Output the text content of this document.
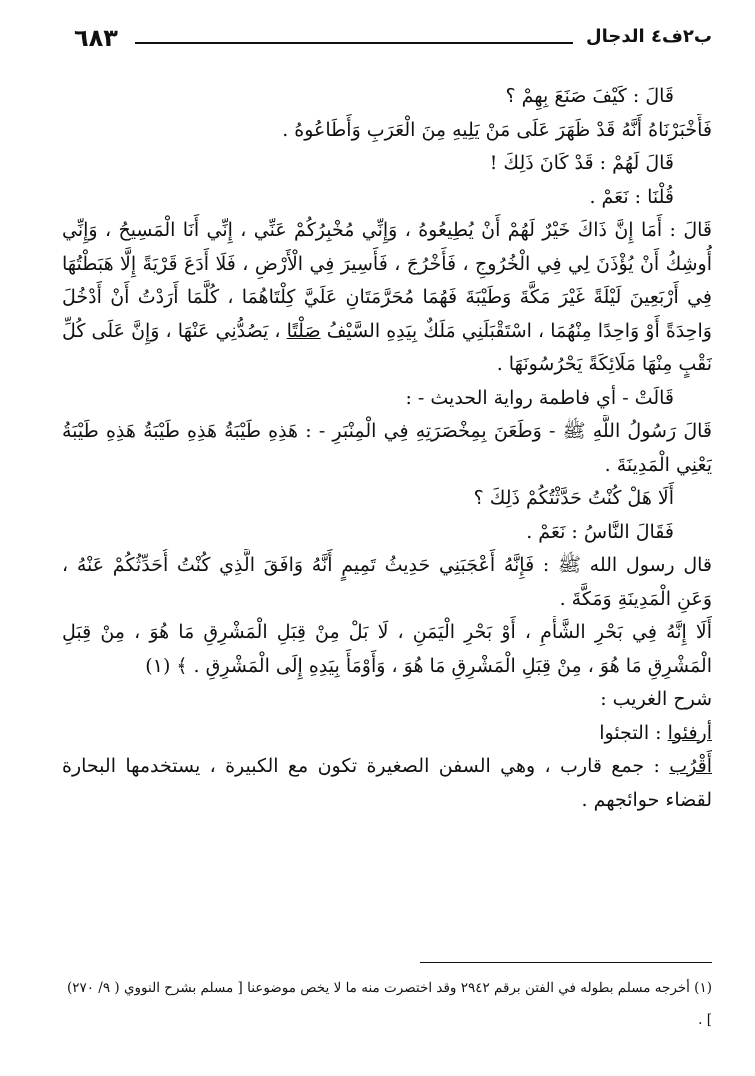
٦٨٣	ب٢ف٤ الدجال
قَالَ : كَيْفَ صَنَعَ بِهِمْ ؟
فَأَخْبَرْنَاهُ أَنَّهُ قَدْ ظَهَرَ عَلَى مَنْ يَلِيهِ مِنَ الْعَرَبِ وَأَطَاعُوهُ .
قَالَ لَهُمْ : قَدْ كَانَ ذَلِكَ !
قُلْنَا : نَعَمْ .
قَالَ : أَمَا إِنَّ ذَاكَ خَيْرٌ لَهُمْ أَنْ يُطِيعُوهُ ، وَإِنِّي مُخْبِرُكُمْ عَنِّي ، إِنِّي أَنَا الْمَسِيحُ ، وَإِنِّي أُوشِكُ أَنْ يُؤْذَنَ لِي فِي الْخُرُوجِ ، فَأَخْرُجَ ، فَأَسِيرَ فِي الْأَرْضِ ، فَلَا أَدَعَ قَرْيَةً إِلَّا هَبَطْتُهَا فِي أَرْبَعِينَ لَيْلَةً غَيْرَ مَكَّةَ وَطَيْبَةَ فَهُمَا مُحَرَّمَتَانِ عَلَيَّ كِلْتَاهُمَا ، كُلَّمَا أَرَدْتُ أَنْ أَدْخُلَ وَاحِدَةً أَوْ وَاحِدًا مِنْهُمَا ، اسْتَقْبَلَنِي مَلَكٌ بِيَدِهِ السَّيْفُ صَلْتًا ، يَصُدُّنِي عَنْهَا ، وَإِنَّ عَلَى كُلِّ نَقْبٍ مِنْهَا مَلَائِكَةً يَحْرُسُونَهَا .
قَالَتْ - أي فاطمة رواية الحديث - :
قَالَ رَسُولُ اللَّهِ ﷺ - وَطَعَنَ بِمِخْصَرَتِهِ فِي الْمِنْبَرِ - : هَذِهِ طَيْبَةُ هَذِهِ طَيْبَةُ هَذِهِ طَيْبَةُ يَعْنِي الْمَدِينَةَ .
أَلَا هَلْ كُنْتُ حَدَّثْتُكُمْ ذَلِكَ ؟
فَقَالَ النَّاسُ : نَعَمْ .
قال رسول الله ﷺ : فَإِنَّهُ أَعْجَبَنِي حَدِيثُ تَمِيمٍ أَنَّهُ وَافَقَ الَّذِي كُنْتُ أُحَدِّثُكُمْ عَنْهُ ، وَعَنِ الْمَدِينَةِ وَمَكَّةَ .
أَلَا إِنَّهُ فِي بَحْرِ الشَّأْمِ ، أَوْ بَحْرِ الْيَمَنِ ، لَا بَلْ مِنْ قِبَلِ الْمَشْرِقِ مَا هُوَ ، مِنْ قِبَلِ الْمَشْرِقِ مَا هُوَ ، مِنْ قِبَلِ الْمَشْرِقِ مَا هُوَ ، وَأَوْمَأَ بِيَدِهِ إِلَى الْمَشْرِقِ . ﴾ (١)
شرح الغريب :
أرفئوا : التجئوا
أَقْرُب : جمع قارب ، وهي السفن الصغيرة تكون مع الكبيرة ، يستخدمها البحارة لقضاء حوائجهم .
(١) أخرجه مسلم بطوله في الفتن برقم ٢٩٤٢ وقد اختصرت منه ما لا يخص موضوعنا [ مسلم بشرح النووي ( ٩/ ٢٧٠) ] .
